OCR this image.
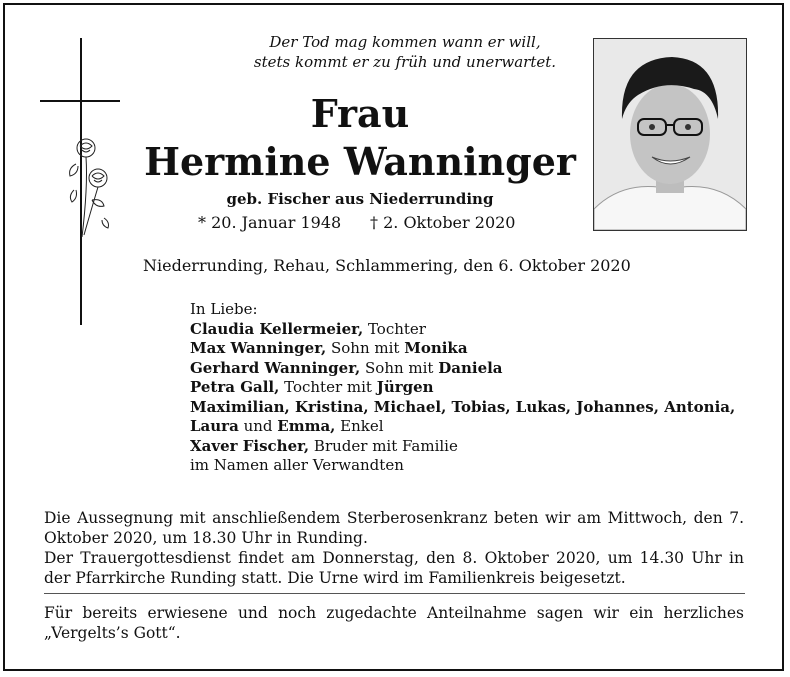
Der Tod mag kommen wann er will,
stets kommt er zu früh und unerwartet.
Frau
Hermine Wanninger
geb. Fischer aus Niederrunding
* 20. Januar 1948 † 2. Oktober 2020
Niederrunding, Rehau, Schlammering, den 6. Oktober 2020
In Liebe:
Claudia Kellermeier, Tochter
Max Wanninger, Sohn mit Monika
Gerhard Wanninger, Sohn mit Daniela
Petra Gall, Tochter mit Jürgen
Maximilian, Kristina, Michael, Tobias, Lukas, Johannes, Antonia,
Laura und Emma, Enkel
Xaver Fischer, Bruder mit Familie
im Namen aller Verwandten
Die Aussegnung mit anschließendem Sterberosenkranz beten wir am Mittwoch, den 7. Oktober 2020, um 18.30 Uhr in Runding.
Der Trauergottesdienst findet am Donnerstag, den 8. Oktober 2020, um 14.30 Uhr in der Pfarrkirche Runding statt. Die Urne wird im Familienkreis beigesetzt.
Für bereits erwiesene und noch zugedachte Anteilnahme sagen wir ein herzliches „Vergelts’s Gott“.
